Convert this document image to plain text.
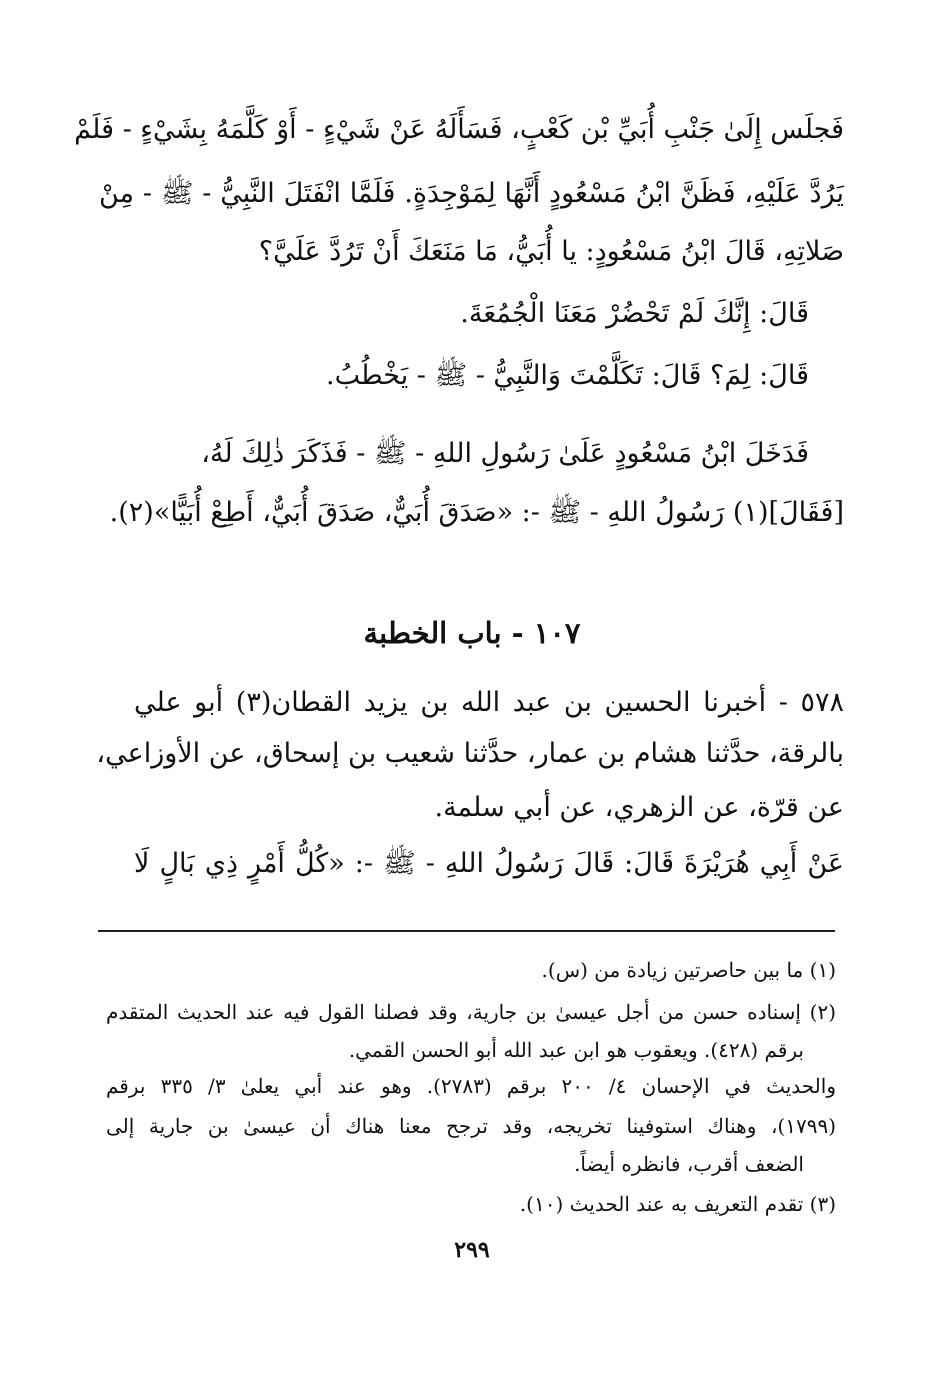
فَجلَس إِلَىٰ جَنْبِ أُبَيِّ بْن كَعْبٍ، فَسَأَلَهُ عَنْ شَيْءٍ - أَوْ كَلَّمَهُ بِشَيْءٍ - فَلَمْ
يَرُدَّ عَلَيْهِ، فَظَنَّ ابْنُ مَسْعُودٍ أَنَّهَا لِمَوْجِدَةٍ. فَلَمَّا انْفَتَلَ النَّبِيُّ - ﷺ - مِنْ
صَلاتِهِ، قَالَ ابْنُ مَسْعُودٍ: يا أُبَيُّ، مَا مَنَعَكَ أَنْ تَرُدَّ عَلَيَّ؟
قَالَ: إِنَّكَ لَمْ تَحْضُرْ مَعَنَا الْجُمُعَةَ.
قَالَ: لِمَ؟ قَالَ: تَكَلَّمْتَ وَالنَّبِيُّ - ﷺ - يَخْطُبُ.
فَدَخَلَ ابْنُ مَسْعُودٍ عَلَىٰ رَسُولِ اللهِ - ﷺ - فَذَكَرَ ذٰلِكَ لَهُ،
[فَقَالَ](١) رَسُولُ اللهِ - ﷺ -: «صَدَقَ أُبَيٌّ، صَدَقَ أُبَيٌّ، أَطِعْ أُبَيًّا»(٢).
١٠٧ - باب الخطبة
٥٧٨ - أخبرنا الحسين بن عبد الله بن يزيد القطان(٣) أبو علي
بالرقة، حدَّثنا هشام بن عمار، حدَّثنا شعيب بن إسحاق، عن الأوزاعي،
عن قرّة، عن الزهري، عن أبي سلمة.
عَنْ أَبِي هُرَيْرَةَ قَالَ: قَالَ رَسُولُ اللهِ - ﷺ -: «كُلُّ أَمْرٍ ذِي بَالٍ لَا
(١) ما بين حاصرتين زيادة من (س).
(٢) إسناده حسن من أجل عيسىٰ بن جارية، وقد فصلنا القول فيه عند الحديث المتقدم
برقم (٤٢٨). ويعقوب هو ابن عبد الله أبو الحسن القمي.
والحديث في الإحسان ٤/ ٢٠٠ برقم (٢٧٨٣). وهو عند أبي يعلىٰ ٣/ ٣٣٥ برقم
(١٧٩٩)، وهناك استوفينا تخريجه، وقد ترجح معنا هناك أن عيسىٰ بن جارية إلى
الضعف أقرب، فانظره أيضاً.
(٣) تقدم التعريف به عند الحديث (١٠).
٢٩٩
